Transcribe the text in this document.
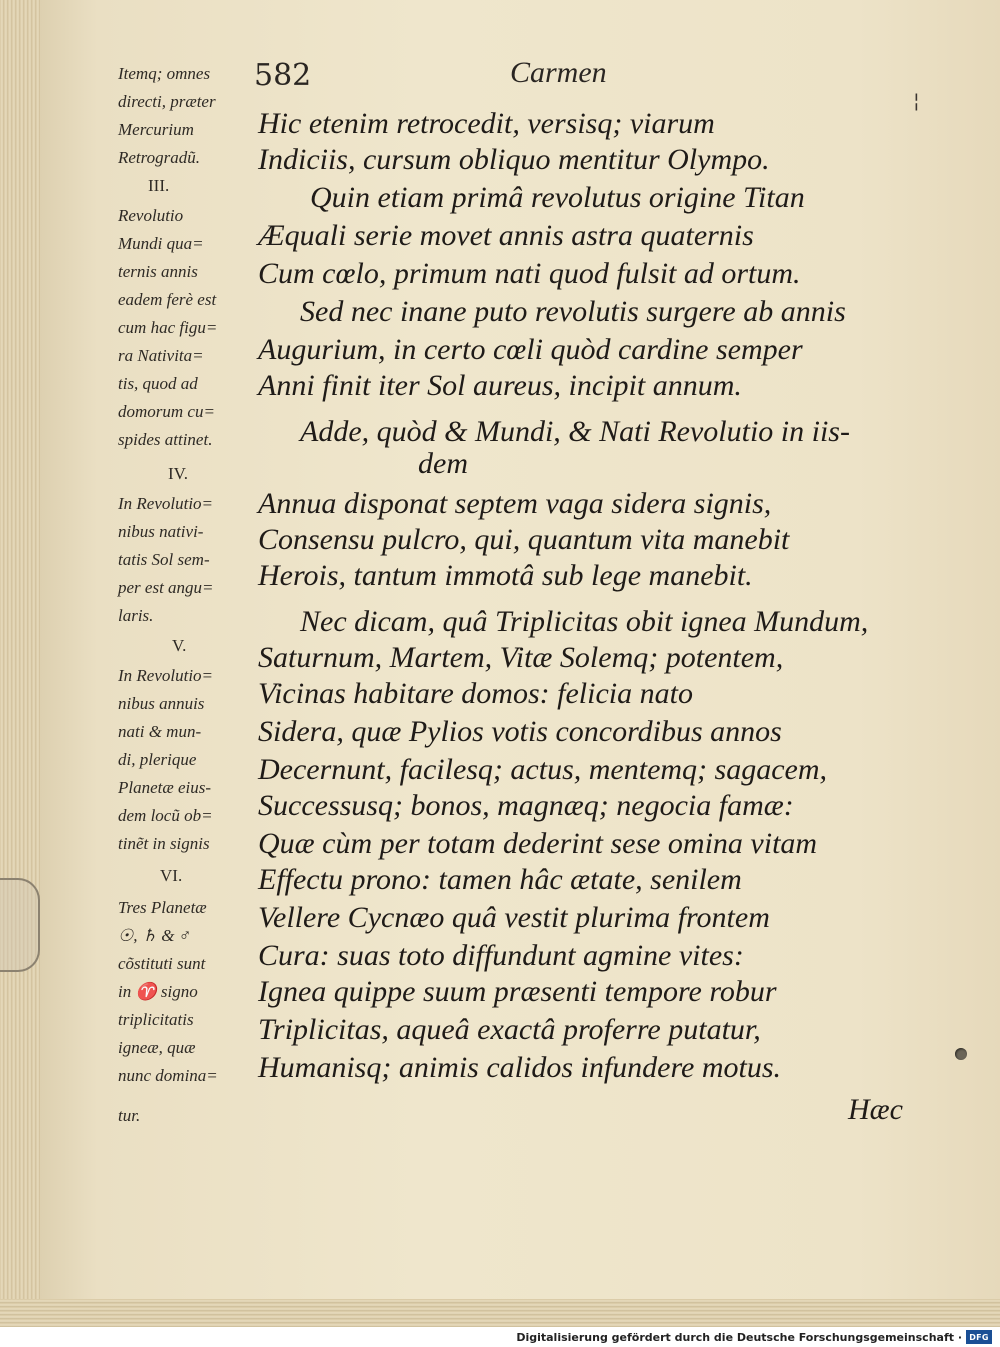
¦
582	Carmen
Itemq; omnes
directi, præter
Mercurium
Retrogradũ.
III.
Revolutio
Mundi qua=
ternis annis
eadem ferè est
cum hac figu=
ra Nativita=
tis, quod ad
domorum cu=
spides attinet.
IV.
In Revolutio=
nibus nativi-
tatis Sol sem-
per est angu=
laris.
V.
In Revolutio=
nibus annuis
nati & mun-
di, plerique
Planetæ eius-
dem locũ ob=
tinẽt in signis
VI.
Tres Planetæ
☉, ♄ & ♂
cõstituti sunt
in ♈ signo
triplicitatis
igneæ, quæ
nunc domina=
tur.
Hic etenim retrocedit, versisq; viarum
Indiciis, cursum obliquo mentitur Olympo.
Quin etiam primâ revolutus origine Titan
Æquali serie movet annis astra quaternis
Cum cœlo, primum nati quod fulsit ad ortum.
Sed nec inane puto revolutis surgere ab annis
Augurium, in certo cœli quòd cardine semper
Anni finit iter Sol aureus, incipit annum.
Adde, quòd & Mundi, & Nati Revolutio in iis-
dem
Annua disponat septem vaga sidera signis,
Consensu pulcro, qui, quantum vita manebit
Herois, tantum immotâ sub lege manebit.
Nec dicam, quâ Triplicitas obit ignea Mundum,
Saturnum, Martem, Vitæ Solemq; potentem,
Vicinas habitare domos: felicia nato
Sidera, quæ Pylios votis concordibus annos
Decernunt, facilesq; actus, mentemq; sagacem,
Successusq; bonos, magnæq; negocia famæ:
Quæ cùm per totam dederint sese omina vitam
Effectu prono: tamen hâc ætate, senilem
Vellere Cycnæo quâ vestit plurima frontem
Cura: suas toto diffundunt agmine vites:
Ignea quippe suum præsenti tempore robur
Triplicitas, aqueâ exactâ proferre putatur,
Humanisq; animis calidos infundere motus.
Hæc
Digitalisierung gefördert durch die Deutsche Forschungsgemeinschaft · DFG
